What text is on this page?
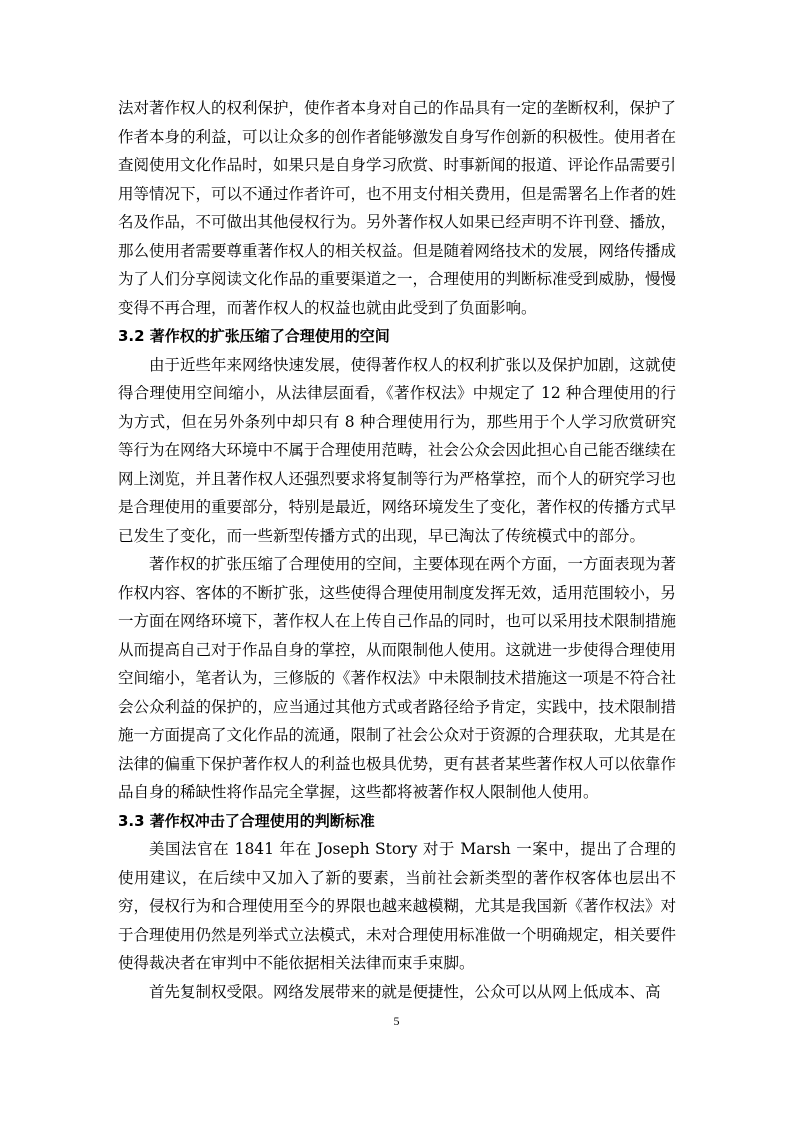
法对著作权人的权利保护，使作者本身对自己的作品具有一定的垄断权利，保护了作者本身的利益，可以让众多的创作者能够激发自身写作创新的积极性。使用者在查阅使用文化作品时，如果只是自身学习欣赏、时事新闻的报道、评论作品需要引用等情况下，可以不通过作者许可，也不用支付相关费用，但是需署名上作者的姓名及作品，不可做出其他侵权行为。另外著作权人如果已经声明不许刊登、播放，那么使用者需要尊重著作权人的相关权益。但是随着网络技术的发展，网络传播成为了人们分享阅读文化作品的重要渠道之一，合理使用的判断标准受到威胁，慢慢变得不再合理，而著作权人的权益也就由此受到了负面影响。

3.2 著作权的扩张压缩了合理使用的空间

由于近些年来网络快速发展，使得著作权人的权利扩张以及保护加剧，这就使得合理使用空间缩小，从法律层面看，《著作权法》中规定了 12 种合理使用的行为方式，但在另外条列中却只有 8 种合理使用行为，那些用于个人学习欣赏研究等行为在网络大环境中不属于合理使用范畴，社会公众会因此担心自己能否继续在网上浏览，并且著作权人还强烈要求将复制等行为严格掌控，而个人的研究学习也是合理使用的重要部分，特别是最近，网络环境发生了变化，著作权的传播方式早已发生了变化，而一些新型传播方式的出现，早已淘汰了传统模式中的部分。

著作权的扩张压缩了合理使用的空间，主要体现在两个方面，一方面表现为著作权内容、客体的不断扩张，这些使得合理使用制度发挥无效，适用范围较小，另一方面在网络环境下，著作权人在上传自己作品的同时，也可以采用技术限制措施从而提高自己对于作品自身的掌控，从而限制他人使用。这就进一步使得合理使用空间缩小，笔者认为，三修版的《著作权法》中未限制技术措施这一项是不符合社会公众利益的保护的，应当通过其他方式或者路径给予肯定，实践中，技术限制措施一方面提高了文化作品的流通，限制了社会公众对于资源的合理获取，尤其是在法律的偏重下保护著作权人的利益也极具优势，更有甚者某些著作权人可以依靠作品自身的稀缺性将作品完全掌握，这些都将被著作权人限制他人使用。

3.3 著作权冲击了合理使用的判断标准

美国法官在 1841 年在 Joseph Story 对于 Marsh 一案中，提出了合理的使用建议，在后续中又加入了新的要素，当前社会新类型的著作权客体也层出不穷，侵权行为和合理使用至今的界限也越来越模糊，尤其是我国新《著作权法》对于合理使用仍然是列举式立法模式，未对合理使用标准做一个明确规定，相关要件使得裁决者在审判中不能依据相关法律而束手束脚。

首先复制权受限。网络发展带来的就是便捷性，公众可以从网上低成本、高

5
